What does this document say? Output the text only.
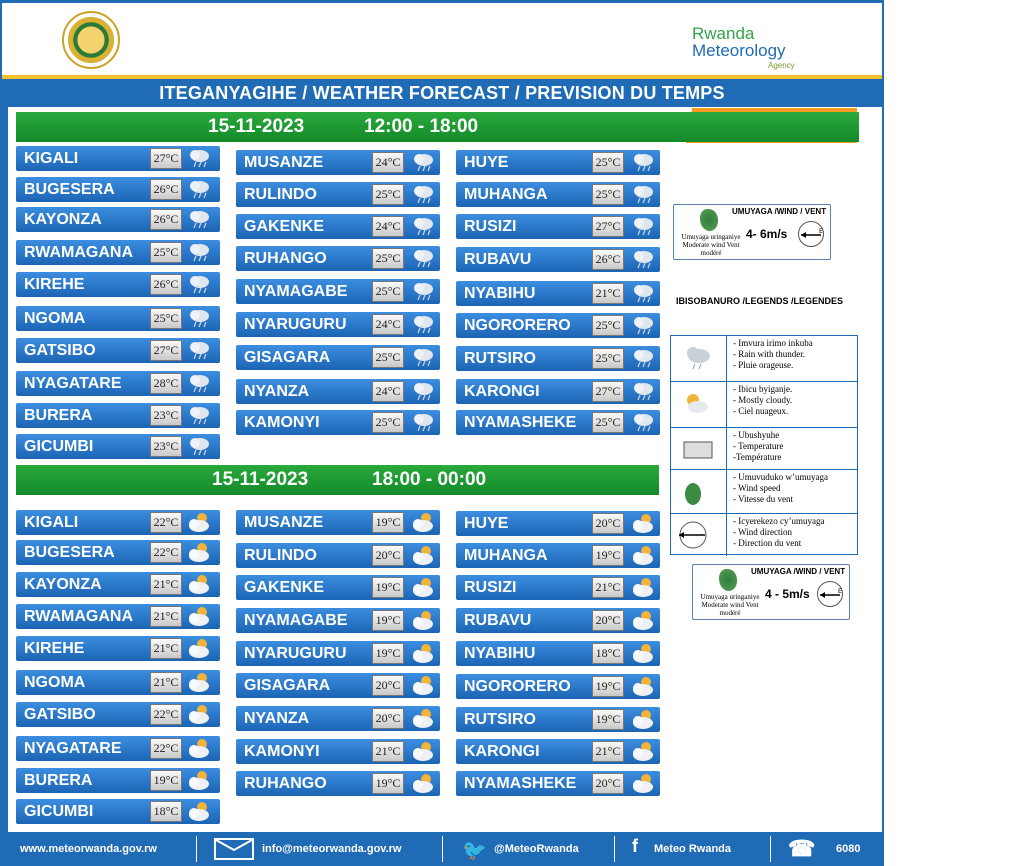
Rwanda
Meteorology
Agency
ITEGANYAGIHE / WEATHER FORECAST / PREVISION DU TEMPS
15-11-2023	12:00 - 18:00
15-11-2023	18:00 - 00:00
KIGALI	27°C
BUGESERA	26°C
KAYONZA	26°C
RWAMAGANA 25°C
KIREHE	26°C
NGOMA	25°C
GATSIBO	27°C
NYAGATARE	28°C
BURERA	23°C
GICUMBI	23°C
MUSANZE	24°C
RULINDO	25°C
GAKENKE	24°C
RUHANGO	25°C
NYAMAGABE 25°C
NYARUGURU 24°C
GISAGARA	25°C
NYANZA	24°C
KAMONYI	25°C
HUYE	25°C
MUHANGA	25°C
RUSIZI	27°C
RUBAVU	26°C
NYABIHU	21°C
NGORORERO 25°C
RUTSIRO	25°C
KARONGI	27°C
NYAMASHEKE 25°C
KIGALI	22°C
BUGESERA	22°C
KAYONZA	21°C
RWAMAGANA 21°C
KIREHE	21°C
NGOMA	21°C
GATSIBO	22°C
NYAGATARE	22°C
BURERA	19°C
GICUMBI	18°C
MUSANZE	19°C
RULINDO	20°C
GAKENKE	19°C
NYAMAGABE 19°C
NYARUGURU 19°C
GISAGARA	20°C
NYANZA	20°C
KAMONYI	21°C
RUHANGO	19°C
HUYE	20°C
MUHANGA	19°C
RUSIZI	21°C
RUBAVU	20°C
NYABIHU	18°C
NGORORERO 19°C
RUTSIRO	19°C
KARONGI	21°C
NYAMASHEKE 20°C
UMUYAGA /WIND / VENT
Umuyaga uringaniye Moderate wind Vent modéré
4- 6m/s	E
IBISOBANURO /LEGENDS /LEGENDES
- Imvura irimo inkuba
- Rain with thunder.
- Pluie orageuse.
- Ibicu byiganje.
- Mostly cloudy.
- Ciel nuageux.
- Ubushyuhe
- Temperature
-Température
- Umuvuduko w’umuyaga
- Wind speed
- Vitesse du vent
- Icyerekezo cy’umuyaga
- Wind direction
- Direction du vent
UMUYAGA /WIND / VENT
Umuyaga uringaniye Moderate wind Vent modéré
4 - 5m/s	E
www.meteorwanda.gov.rw	info@meteorwanda.gov.rw	🐦 @MeteoRwanda	f Meteo Rwanda	☎ 6080
